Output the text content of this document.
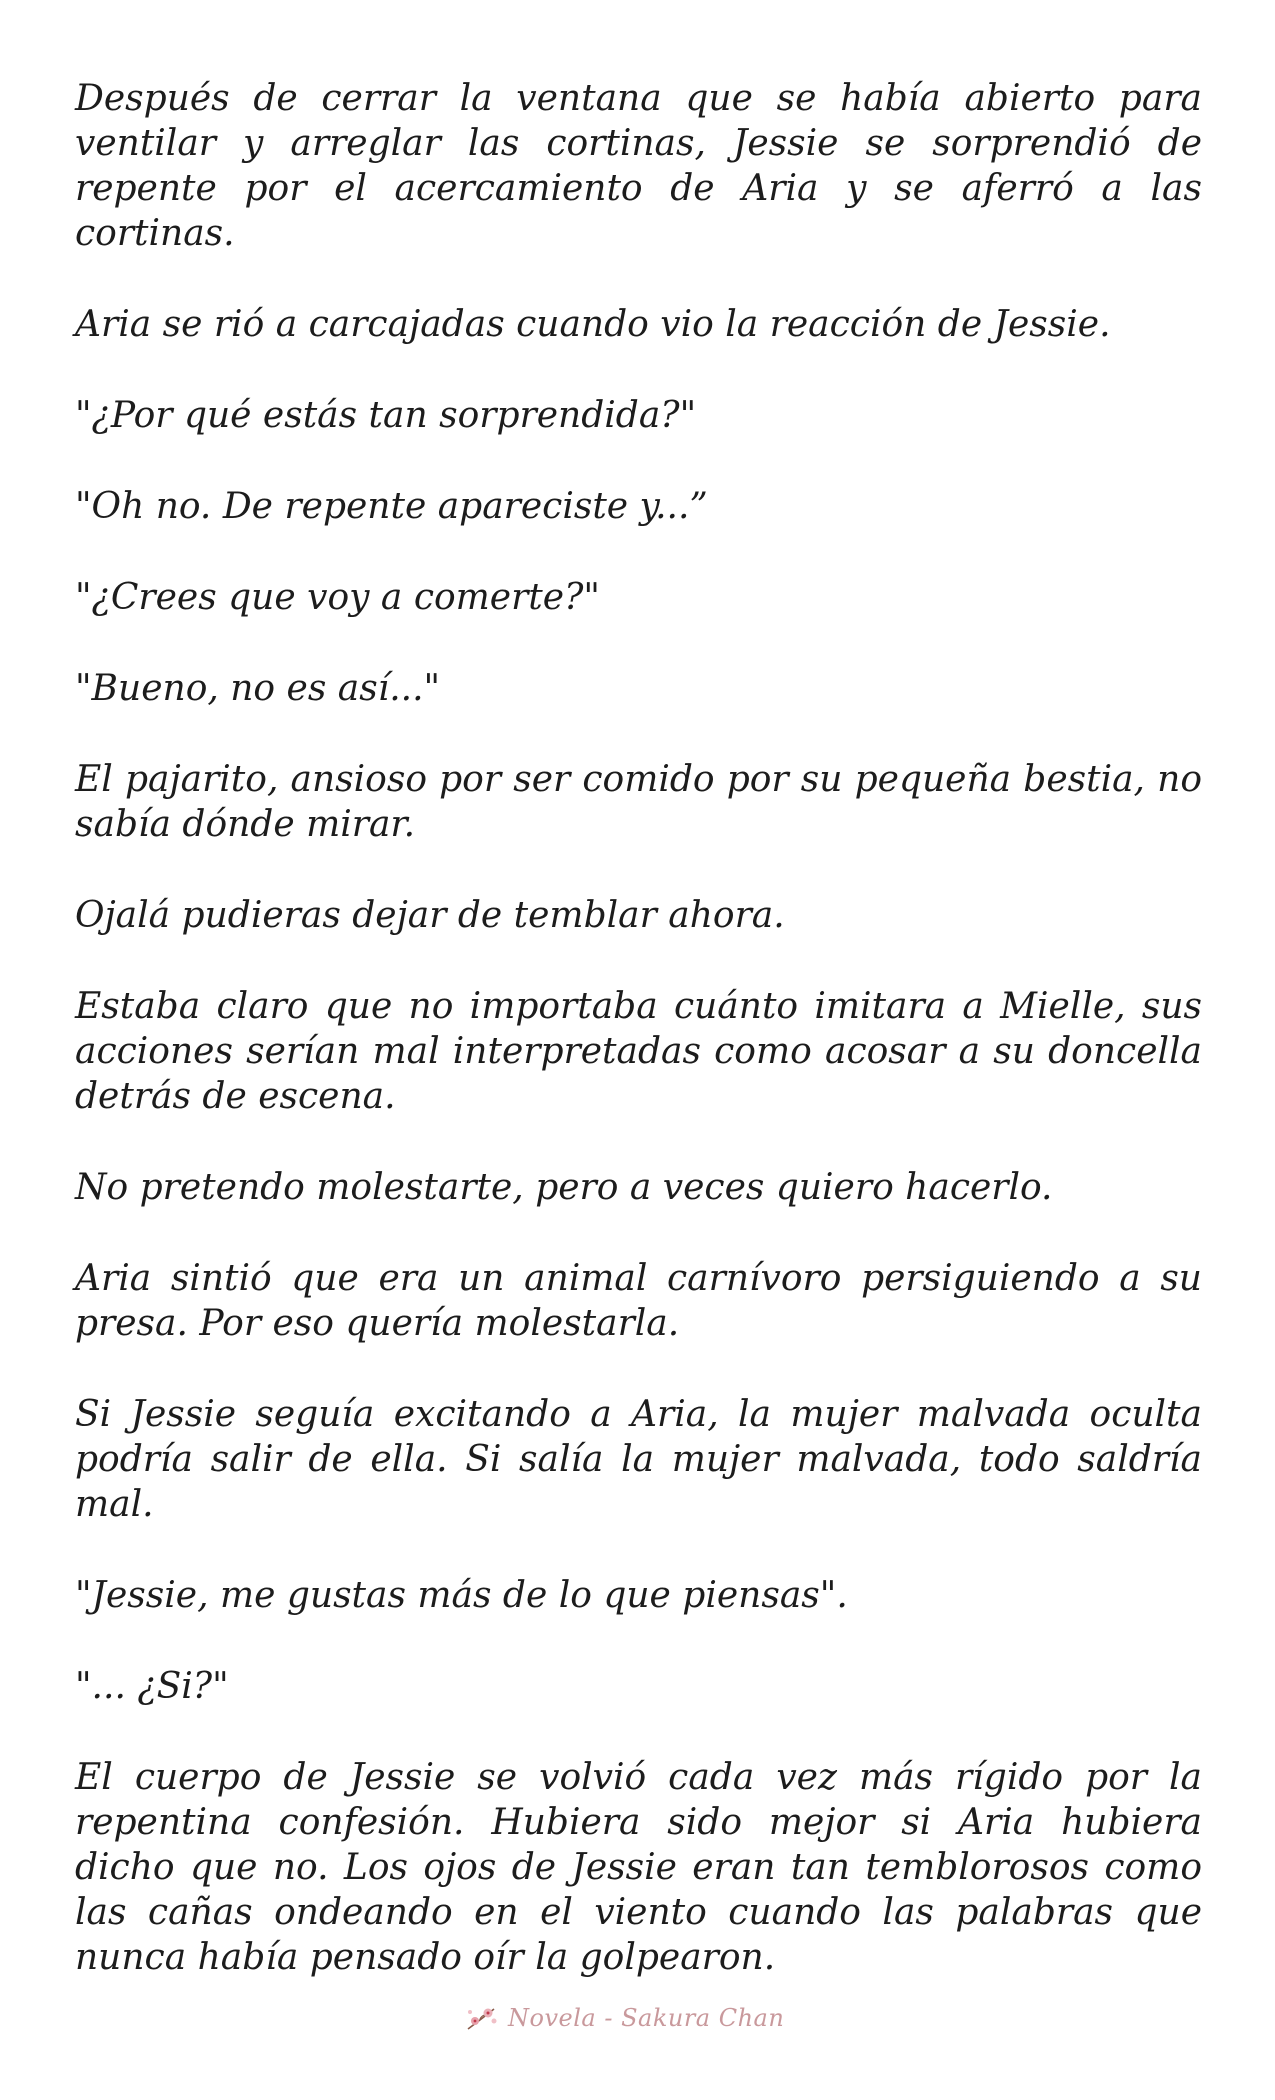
Después de cerrar la ventana que se había abierto para ventilar y arreglar las cortinas, Jessie se sorprendió de repente por el acercamiento de Aria y se aferró a las cortinas.

Aria se rió a carcajadas cuando vio la reacción de Jessie.

"¿Por qué estás tan sorprendida?"

"Oh no. De repente apareciste y...”

"¿Crees que voy a comerte?"

"Bueno, no es así..."

El pajarito, ansioso por ser comido por su pequeña bestia, no sabía dónde mirar.

Ojalá pudieras dejar de temblar ahora.

Estaba claro que no importaba cuánto imitara a Mielle, sus acciones serían mal interpretadas como acosar a su doncella detrás de escena.

No pretendo molestarte, pero a veces quiero hacerlo.

Aria sintió que era un animal carnívoro persiguiendo a su presa. Por eso quería molestarla.

Si Jessie seguía excitando a Aria, la mujer malvada oculta podría salir de ella. Si salía la mujer malvada, todo saldría mal.

"Jessie, me gustas más de lo que piensas".

"... ¿Si?"

El cuerpo de Jessie se volvió cada vez más rígido por la repentina confesión. Hubiera sido mejor si Aria hubiera dicho que no. Los ojos de Jessie eran tan temblorosos como las cañas ondeando en el viento cuando las palabras que nunca había pensado oír la golpearon.

Novela - Sakura Chan
